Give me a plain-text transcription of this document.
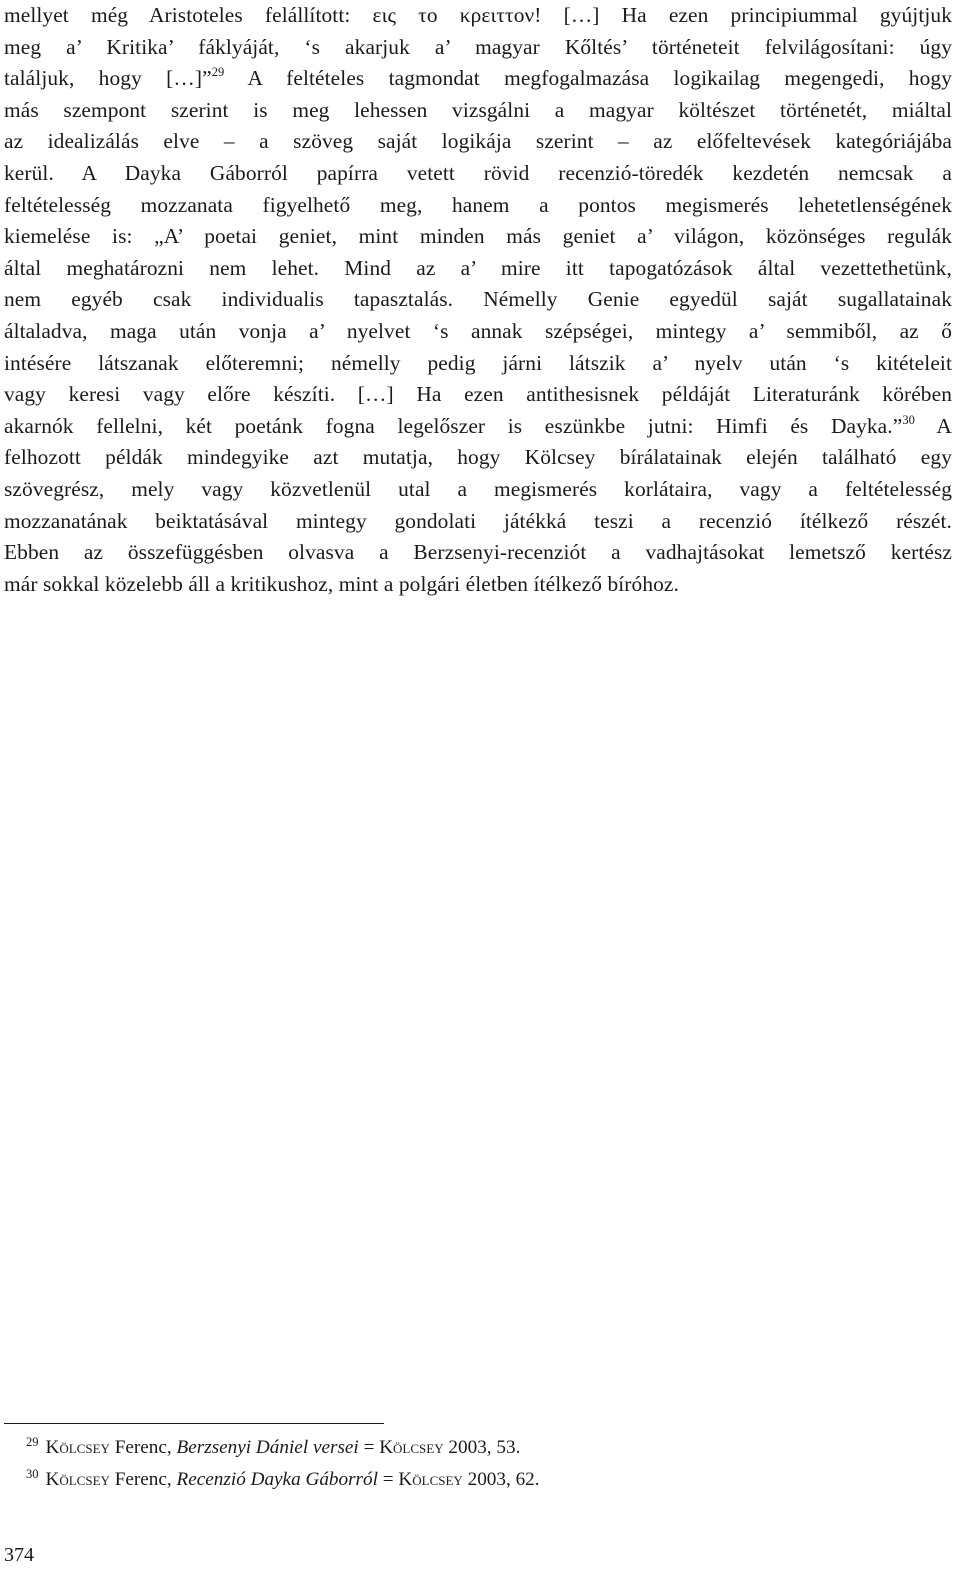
mellyet még Aristoteles felállított: εις το κρειττον! […] Ha ezen principiummal gyújtjuk
meg a’ Kritika’ fáklyáját, ‘s akarjuk a’ magyar Kőltés’ történeteit felvilágosítani: úgy
találjuk, hogy […]”$^{29}$ A feltételes tagmondat megfogalmazása logikailag megengedi, hogy
más szempont szerint is meg lehessen vizsgálni a magyar költészet történetét, miáltal
az idealizálás elve – a szöveg saját logikája szerint – az előfeltevések kategóriájába
kerül. A Dayka Gáborról papírra vetett rövid recenzió-töredék kezdetén nemcsak a
feltételesség mozzanata figyelhető meg, hanem a pontos megismerés lehetetlenségének
kiemelése is: „A’ poetai geniet, mint minden más geniet a’ világon, közönséges regulák
által meghatározni nem lehet. Mind az a’ mire itt tapogatózások által vezettethetünk,
nem egyéb csak individualis tapasztalás. Némelly Genie egyedül saját sugallatainak
általadva, maga után vonja a’ nyelvet ‘s annak szépségei, mintegy a’ semmiből, az ő
intésére látszanak előteremni; némelly pedig járni látszik a’ nyelv után ‘s kitételeit
vagy keresi vagy előre készíti. […] Ha ezen antithesisnek példáját Literaturánk körében
akarnók fellelni, két poetánk fogna legelőszer is eszünkbe jutni: Himfi és Dayka.”$^{30}$ A
felhozott példák mindegyike azt mutatja, hogy Kölcsey bírálatainak elején található egy
szövegrész, mely vagy közvetlenül utal a megismerés korlátaira, vagy a feltételesség
mozzanatának beiktatásával mintegy gondolati játékká teszi a recenzió ítélkező részét.
Ebben az összefüggésben olvasva a Berzsenyi-recenziót a vadhajtásokat lemetsző kertész
már sokkal közelebb áll a kritikushoz, mint a polgári életben ítélkező bíróhoz.
$^{29}$ Kölcsey Ferenc, Berzsenyi Dániel versei = Kölcsey 2003, 53.
$^{30}$ Kölcsey Ferenc, Recenzió Dayka Gáborról = Kölcsey 2003, 62.
374
